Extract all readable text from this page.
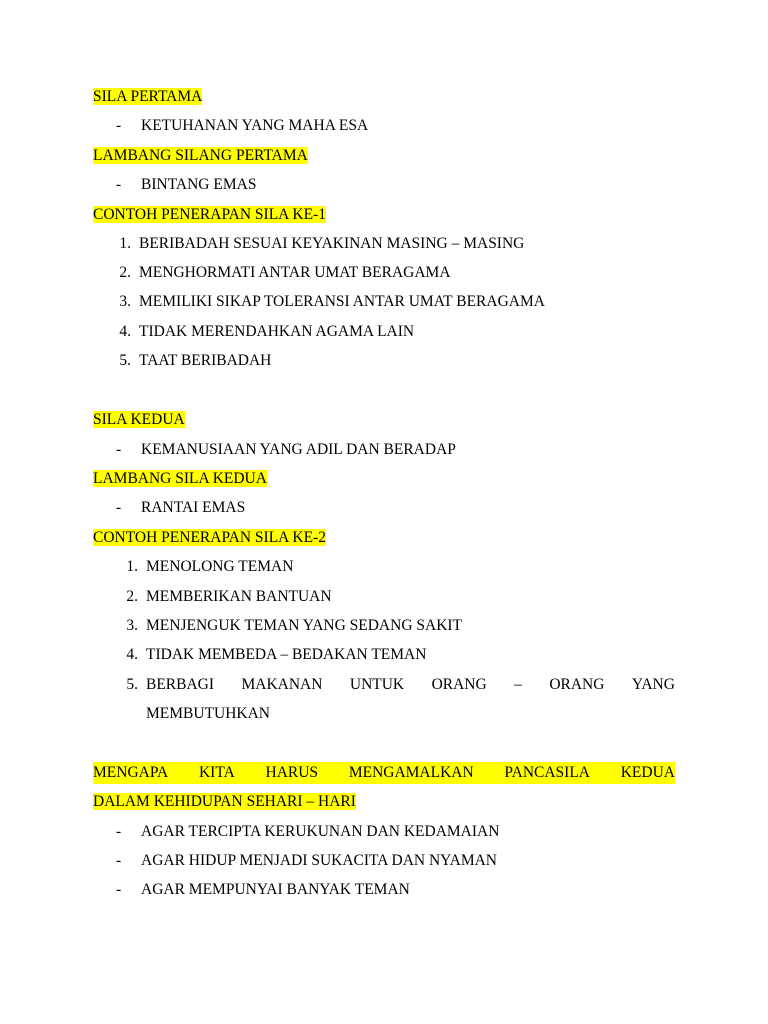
SILA PERTAMA
- KETUHANAN YANG MAHA ESA
LAMBANG SILANG PERTAMA
- BINTANG EMAS
CONTOH PENERAPAN SILA KE-1
1. BERIBADAH SESUAI KEYAKINAN MASING – MASING
2. MENGHORMATI ANTAR UMAT BERAGAMA
3. MEMILIKI SIKAP TOLERANSI ANTAR UMAT BERAGAMA
4. TIDAK MERENDAHKAN AGAMA LAIN
5. TAAT BERIBADAH
SILA KEDUA
- KEMANUSIAAN YANG ADIL DAN BERADAP
LAMBANG SILA KEDUA
- RANTAI EMAS
CONTOH PENERAPAN SILA KE-2
1. MENOLONG TEMAN
2. MEMBERIKAN BANTUAN
3. MENJENGUK TEMAN YANG SEDANG SAKIT
4. TIDAK MEMBEDA – BEDAKAN TEMAN
5. BERBAGI MAKANAN UNTUK ORANG – ORANG YANG
MEMBUTUHKAN
MENGAPA KITA HARUS MENGAMALKAN PANCASILA KEDUA
DALAM KEHIDUPAN SEHARI – HARI
- AGAR TERCIPTA KERUKUNAN DAN KEDAMAIAN
- AGAR HIDUP MENJADI SUKACITA DAN NYAMAN
- AGAR MEMPUNYAI BANYAK TEMAN
